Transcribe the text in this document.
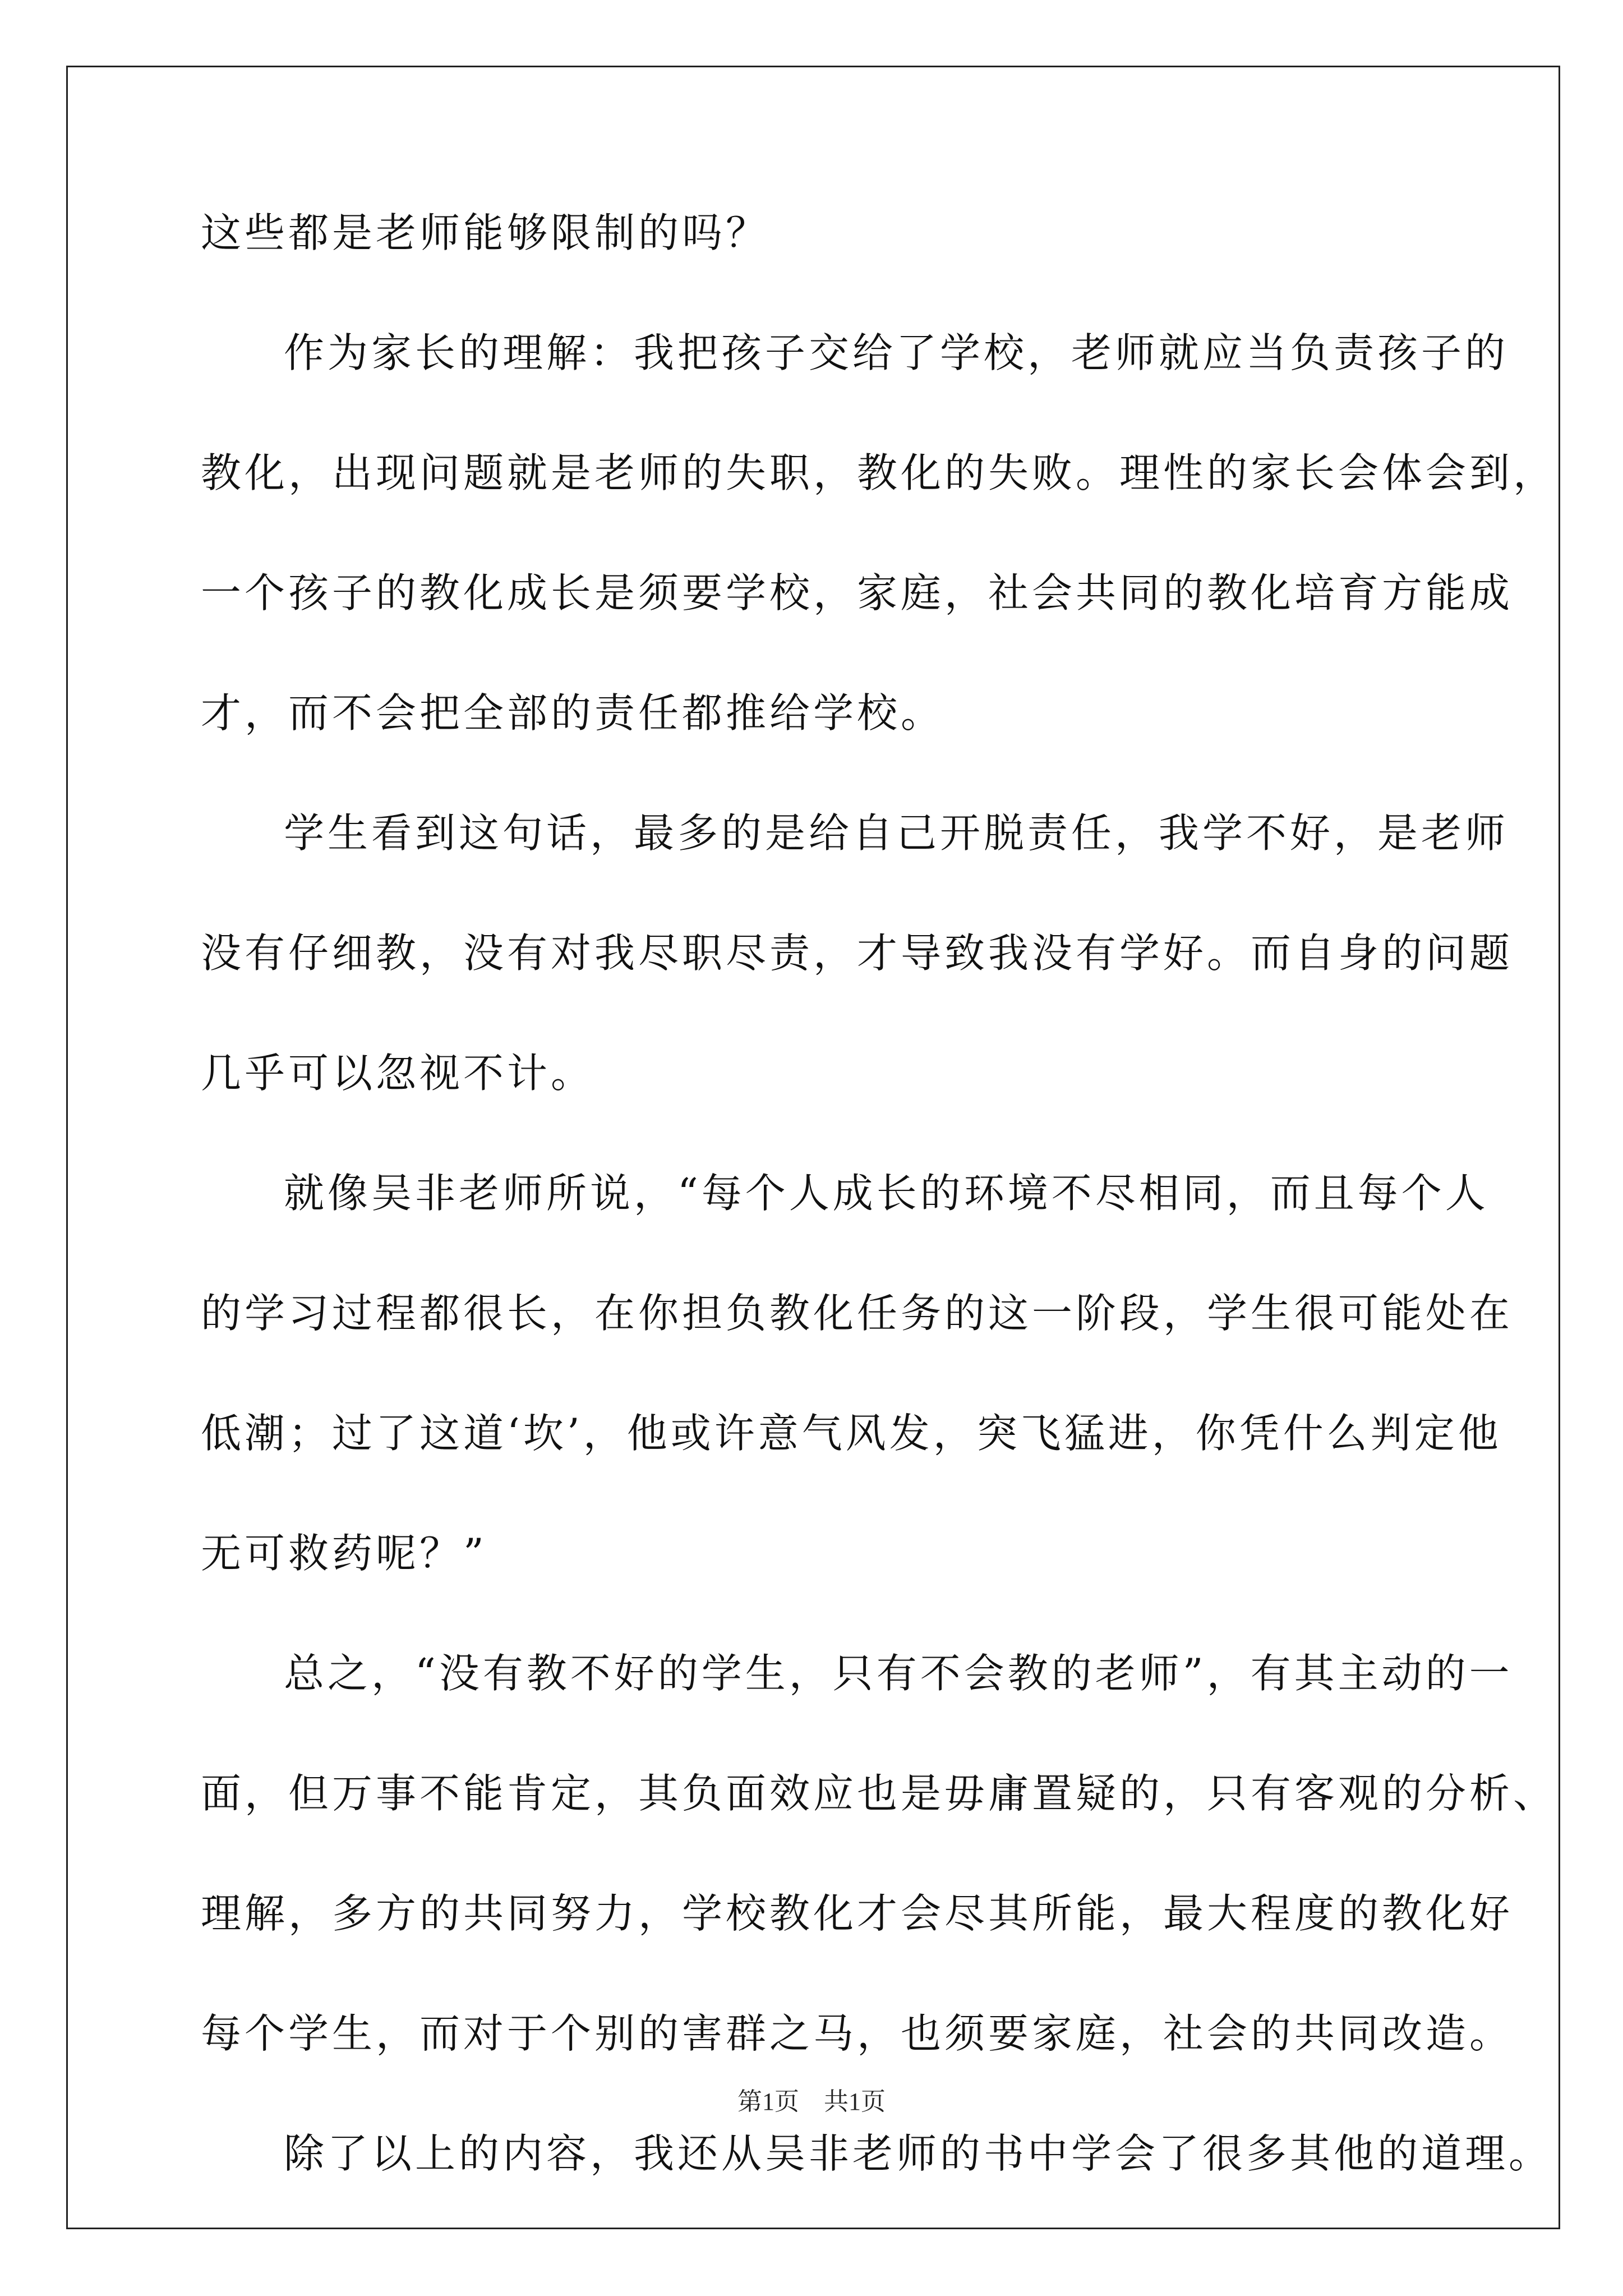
这些都是老师能够限制的吗？
作为家长的理解：我把孩子交给了学校，老师就应当负责孩子的
教化，出现问题就是老师的失职，教化的失败。理性的家长会体会到，
一个孩子的教化成长是须要学校，家庭，社会共同的教化培育方能成
才，而不会把全部的责任都推给学校。
学生看到这句话，最多的是给自己开脱责任，我学不好，是老师
没有仔细教，没有对我尽职尽责，才导致我没有学好。而自身的问题
几乎可以忽视不计。
就像吴非老师所说，“每个人成长的环境不尽相同，而且每个人
的学习过程都很长，在你担负教化任务的这一阶段，学生很可能处在
低潮；过了这道‘坎’，他或许意气风发，突飞猛进，你凭什么判定他
无可救药呢？”
总之，“没有教不好的学生，只有不会教的老师”，有其主动的一
面，但万事不能肯定，其负面效应也是毋庸置疑的，只有客观的分析、
理解，多方的共同努力，学校教化才会尽其所能，最大程度的教化好
每个学生，而对于个别的害群之马，也须要家庭，社会的共同改造。
除了以上的内容，我还从吴非老师的书中学会了很多其他的道理。
第1页　共1页
